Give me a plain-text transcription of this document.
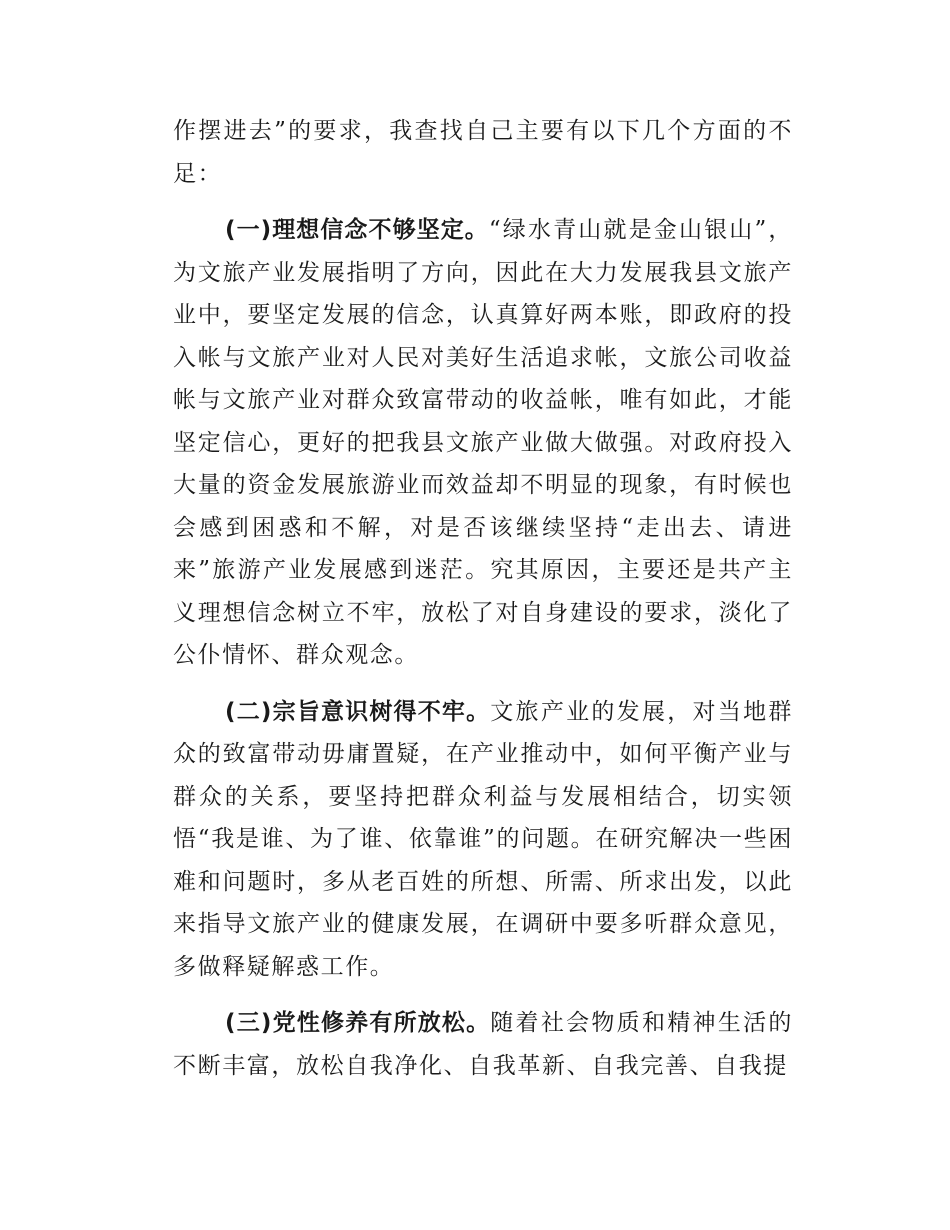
作摆进去”的要求，我查找自己主要有以下几个方面的不足：

(一)理想信念不够坚定。“绿水青山就是金山银山”，为文旅产业发展指明了方向，因此在大力发展我县文旅产业中，要坚定发展的信念，认真算好两本账，即政府的投入帐与文旅产业对人民对美好生活追求帐，文旅公司收益帐与文旅产业对群众致富带动的收益帐，唯有如此，才能坚定信心，更好的把我县文旅产业做大做强。对政府投入大量的资金发展旅游业而效益却不明显的现象，有时候也会感到困惑和不解，对是否该继续坚持“走出去、请进来”旅游产业发展感到迷茫。究其原因，主要还是共产主义理想信念树立不牢，放松了对自身建设的要求，淡化了公仆情怀、群众观念。

(二)宗旨意识树得不牢。文旅产业的发展，对当地群众的致富带动毋庸置疑，在产业推动中，如何平衡产业与群众的关系，要坚持把群众利益与发展相结合，切实领悟“我是谁、为了谁、依靠谁”的问题。在研究解决一些困难和问题时，多从老百姓的所想、所需、所求出发，以此来指导文旅产业的健康发展，在调研中要多听群众意见，多做释疑解惑工作。

(三)党性修养有所放松。随着社会物质和精神生活的不断丰富，放松自我净化、自我革新、自我完善、自我提
